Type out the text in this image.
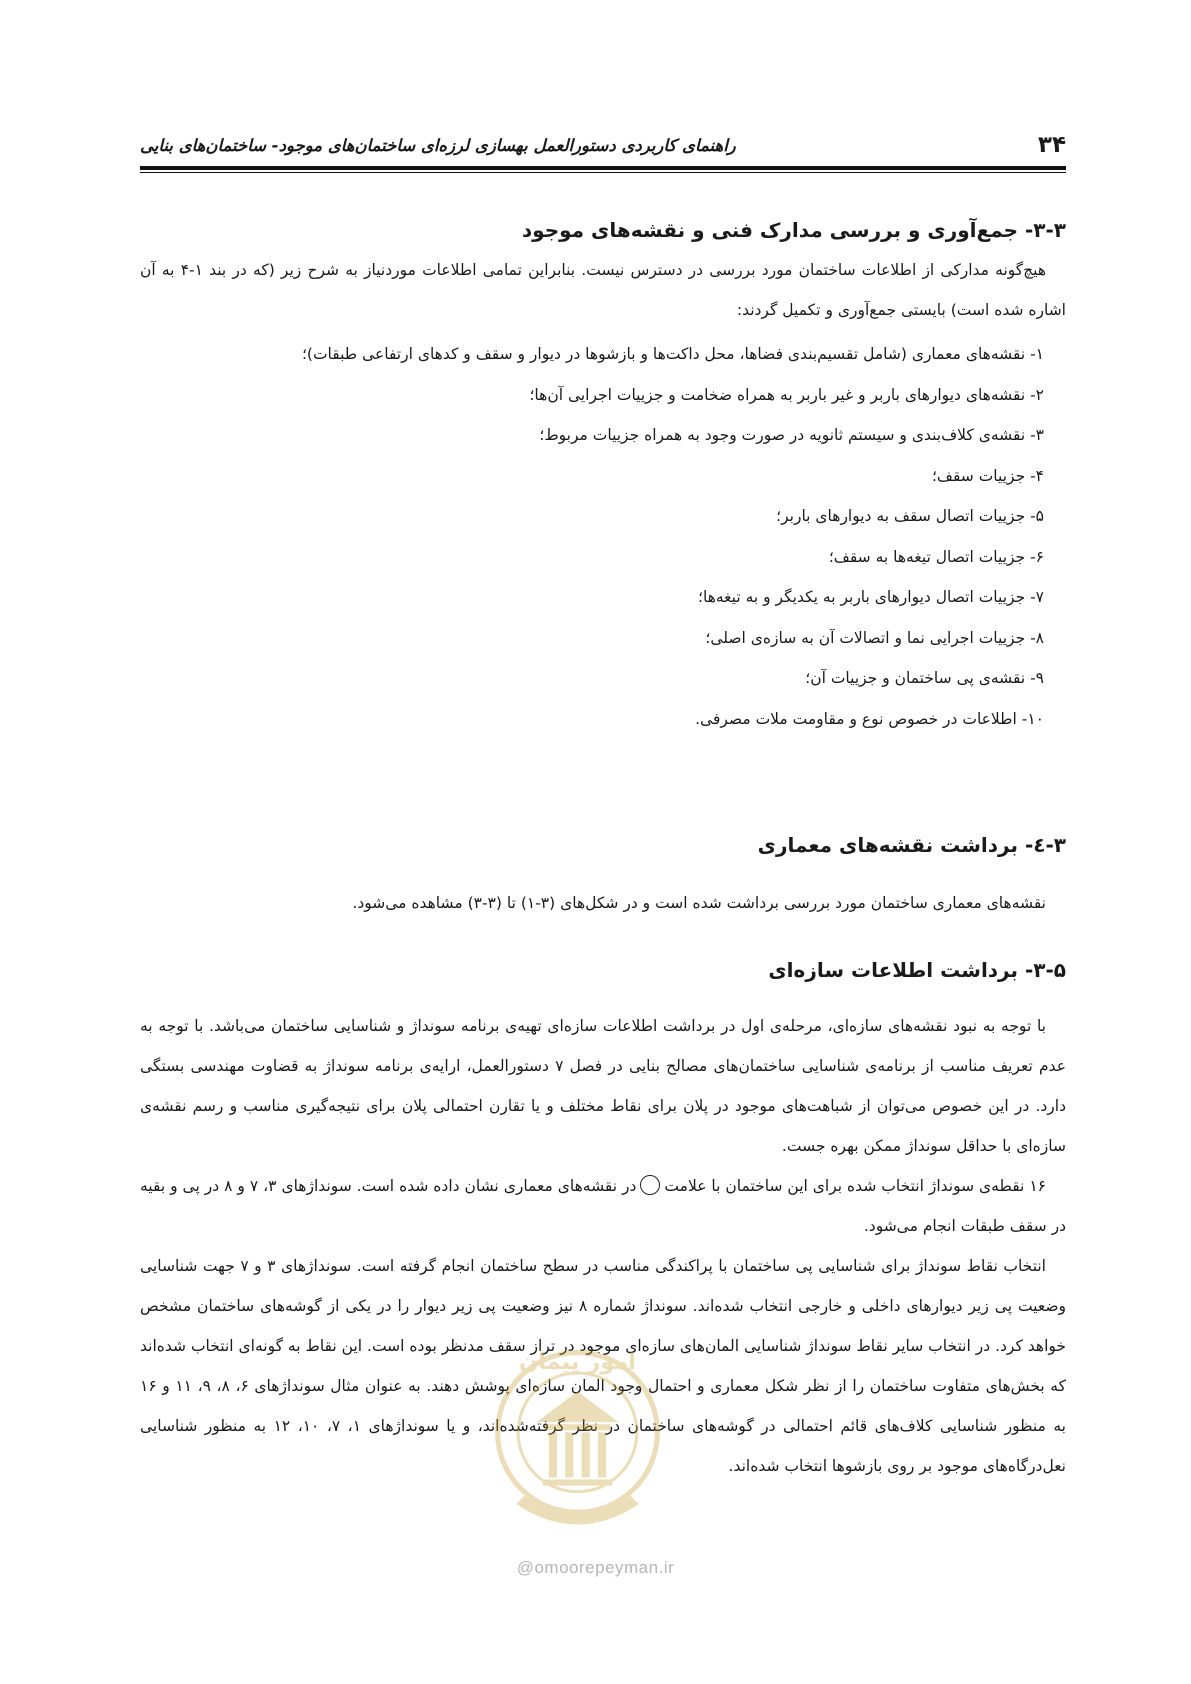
۳۴
راهنمای کاربردی دستورالعمل بهسازی لرزه‌ای ساختمان‌های موجود- ساختمان‌های بنایی
۳-۳- جمع‌آوری و بررسی مدارک فنی و نقشه‌های موجود

هیچ‌گونه مدارکی از اطلاعات ساختمان مورد بررسی در دسترس نیست. بنابراین تمامی اطلاعات موردنیاز به شرح زیر (که در بند ۱-۴ به آن اشاره شده است) بایستی جمع‌آوری و تکمیل گردند:

۱- نقشه‌های معماری (شامل تقسیم‌بندی فضاها، محل داکت‌ها و بازشوها در دیوار و سقف و کدهای ارتفاعی طبقات)؛
۲- نقشه‌های دیوارهای باربر و غیر باربر به همراه ضخامت و جزییات اجرایی آن‌ها؛
۳- نقشه‌ی کلاف‌بندی و سیستم ثانویه در صورت وجود به همراه جزییات مربوط؛
۴- جزییات سقف؛
۵- جزییات اتصال سقف به دیوارهای باربر؛
۶- جزییات اتصال تیغه‌ها به سقف؛
۷- جزییات اتصال دیوارهای باربر به یکدیگر و به تیغه‌ها؛
۸- جزییات اجرایی نما و اتصالات آن به سازه‌ی اصلی؛
۹- نقشه‌ی پی ساختمان و جزییات آن؛
۱۰- اطلاعات در خصوص نوع و مقاومت ملات مصرفی.
۳-٤- برداشت نقشه‌های معماری

نقشه‌های معماری ساختمان مورد بررسی برداشت شده است و در شکل‌های (۳-۱) تا (۳-۳) مشاهده می‌شود.

۳-۵- برداشت اطلاعات سازه‌ای

با توجه به نبود نقشه‌های سازه‌ای، مرحله‌ی اول در برداشت اطلاعات سازه‌ای تهیه‌ی برنامه سونداژ و شناسایی ساختمان می‌باشد. با توجه به عدم تعریف مناسب از برنامه‌ی شناسایی ساختمان‌های مصالح بنایی در فصل ۷ دستورالعمل، ارایه‌ی برنامه سونداژ به قضاوت مهندسی بستگی دارد. در این خصوص می‌توان از شباهت‌های موجود در پلان برای نقاط مختلف و یا تقارن احتمالی پلان برای نتیجه‌گیری مناسب و رسم نقشه‌ی سازه‌ای با حداقل سونداژ ممکن بهره جست.

۱۶ نقطه‌ی سونداژ انتخاب شده برای این ساختمان با علامتدر نقشه‌های معماری نشان داده شده است. سونداژهای ۳، ۷ و ۸ در پی و بقیه در سقف طبقات انجام می‌شود.

انتخاب نقاط سونداژ برای شناسایی پی ساختمان با پراکندگی مناسب در سطح ساختمان انجام گرفته است. سونداژهای ۳ و ۷ جهت شناسایی وضعیت پی زیر دیوارهای داخلی و خارجی انتخاب شده‌اند. سونداژ شماره ۸ نیز وضعیت پی زیر دیوار را در یکی از گوشه‌های ساختمان مشخص خواهد کرد. در انتخاب سایر نقاط سونداژ شناسایی المان‌های سازه‌ای موجود در تراز سقف مدنظر بوده است. این نقاط به گونه‌ای انتخاب شده‌اند که بخش‌های متفاوت ساختمان را از نظر شکل معماری و احتمال وجود المان سازه‌ای پوشش دهند. به عنوان مثال سونداژهای ۶، ۸، ۹، ۱۱ و ۱۶ به منظور شناسایی کلاف‌های قائم احتمالی در گوشه‌های ساختمان در نظر گرفته‌شده‌اند، و یا سونداژهای ۱، ۷، ۱۰، ۱۲ به منظور شناسایی نعل‌درگاه‌های موجود بر روی بازشوها انتخاب شده‌اند.

امور پیمان
@omoorepeyman.ir
